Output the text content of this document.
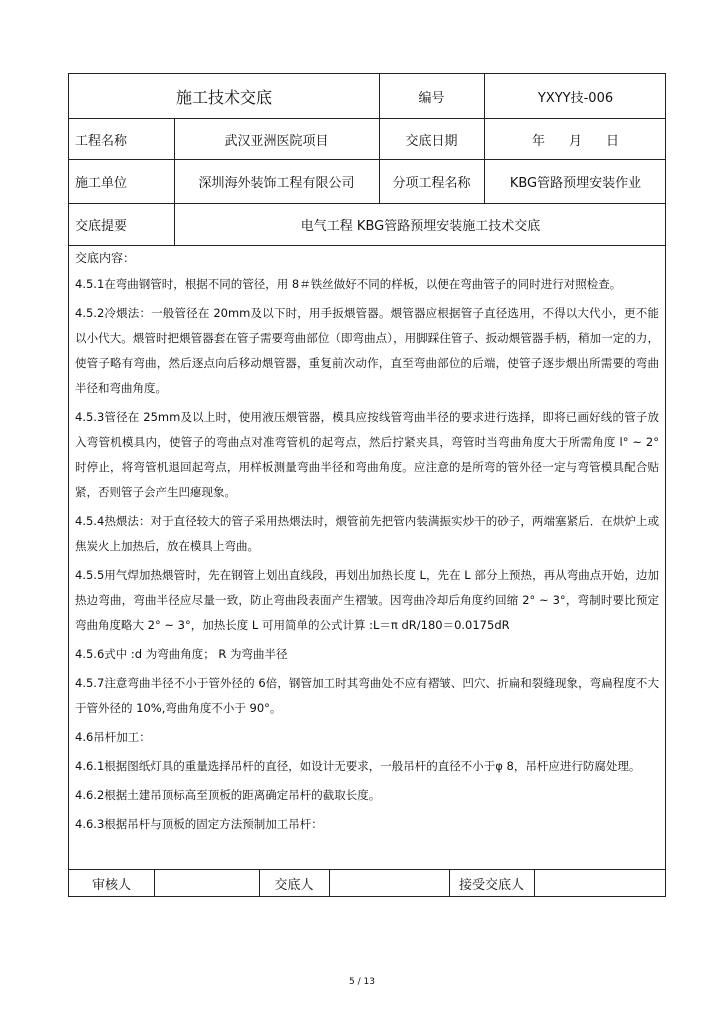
施工技术交底	编号	YXYY技-006
工程名称	武汉亚洲医院项目	交底日期	年 月 日
施工单位	深圳海外装饰工程有限公司	分项工程名称	KBG管路预埋安装作业
交底提要	电气工程 KBG管路预埋安装施工技术交底
交底内容：

4.5.1在弯曲钢管时，根据不同的管径，用 8＃铁丝做好不同的样板，以便在弯曲管子的同时进行对照检查。

4.5.2冷煨法：一般管径在 20mm及以下时，用手扳煨管器。煨管器应根据管子直径选用，不得以大代小，更不能以小代大。煨管时把煨管器套在管子需要弯曲部位（即弯曲点），用脚踩住管子、扳动煨管器手柄，稍加一定的力，使管子略有弯曲，然后逐点向后移动煨管器，重复前次动作，直至弯曲部位的后端，使管子逐步煨出所需要的弯曲半径和弯曲角度。

4.5.3管径在 25mm及以上时，使用液压煨管器，模具应按线管弯曲半径的要求进行选择，即将已画好线的管子放入弯管机模具内，使管子的弯曲点对准弯管机的起弯点，然后拧紧夹具，弯管时当弯曲角度大于所需角度 l° ~ 2° 时停止，将弯管机退回起弯点，用样板测量弯曲半径和弯曲角度。应注意的是所弯的管外径一定与弯管模具配合贴紧，否则管子会产生凹瘪现象。

4.5.4热煨法：对于直径较大的管子采用热煨法时，煨管前先把管内装满振实炒干的砂子，两端塞紧后．在烘炉上或焦炭火上加热后，放在模具上弯曲。

4.5.5用气焊加热煨管时，先在钢管上划出直线段，再划出加热长度 L，先在 L 部分上预热，再从弯曲点开始，边加热边弯曲，弯曲半径应尽量一致，防止弯曲段表面产生褶皱。因弯曲冷却后角度约回缩 2° ~ 3°，弯制时要比预定弯曲角度略大 2° ~ 3°，加热长度 L 可用简单的公式计算 :L＝π dR/180＝0.0175dR

4.5.6式中 :d 为弯曲角度； R 为弯曲半径

4.5.7注意弯曲半径不小于管外径的 6倍，钢管加工时其弯曲处不应有褶皱、凹穴、折扁和裂缝现象，弯扁程度不大于管外径的 10%,弯曲角度不小于 90°。

4.6吊杆加工：

4.6.1根据图纸灯具的重量选择吊杆的直径，如设计无要求，一般吊杆的直径不小于φ 8，吊杆应进行防腐处理。

4.6.2根据土建吊顶标高至顶板的距离确定吊杆的截取长度。

4.6.3根据吊杆与顶板的固定方法预制加工吊杆：

审核人	交底人	接受交底人
5 / 13
